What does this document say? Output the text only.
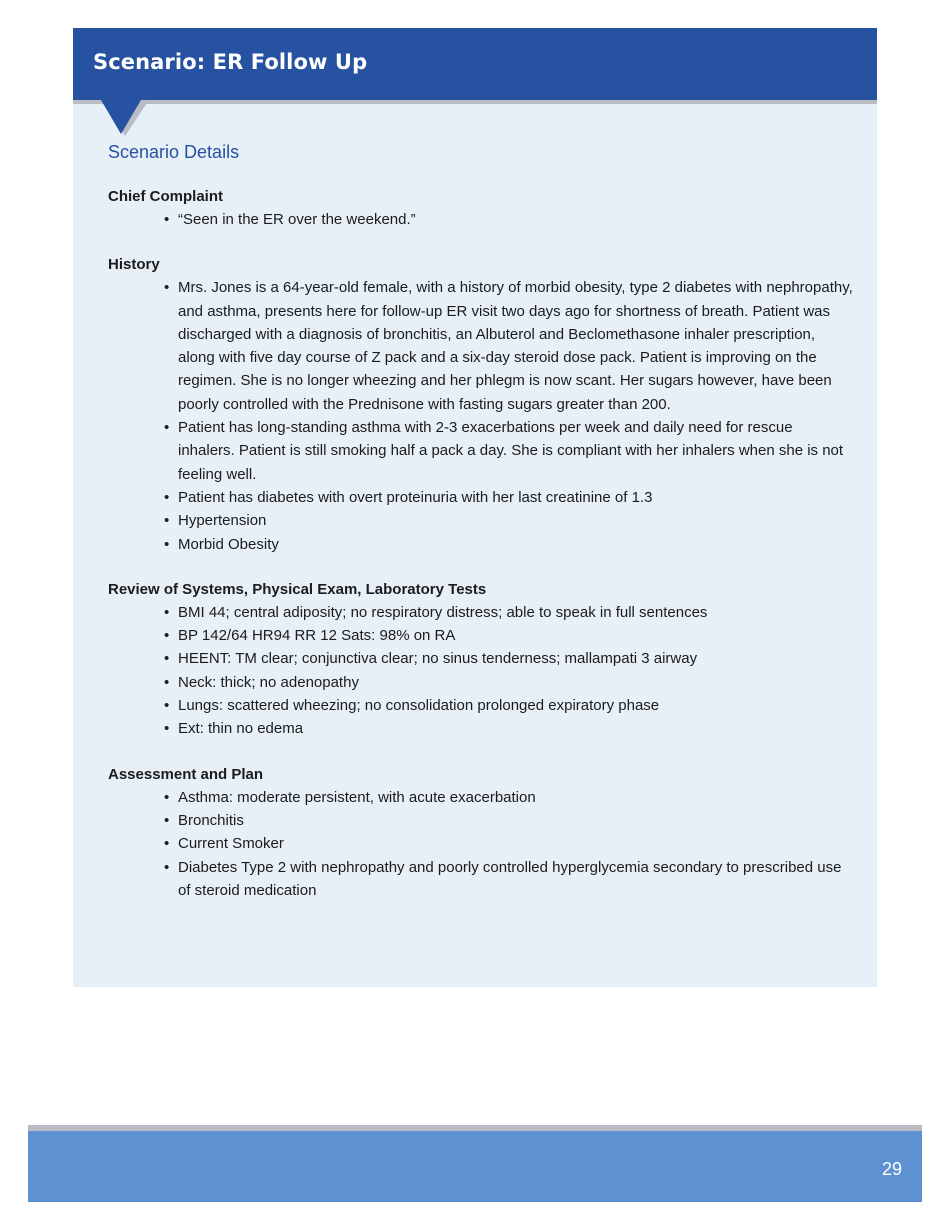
Scenario: ER Follow Up
Scenario Details
Chief Complaint
• “Seen in the ER over the weekend.”
History
• Mrs. Jones is a 64-year-old female, with a history of morbid obesity, type 2 diabetes with nephropathy, and asthma, presents here for follow-up ER visit two days ago for shortness of breath. Patient was discharged with a diagnosis of bronchitis, an Albuterol and Beclomethasone inhaler prescription, along with five day course of Z pack and a six-day steroid dose pack. Patient is improving on the regimen. She is no longer wheezing and her phlegm is now scant. Her sugars however, have been poorly controlled with the Prednisone with fasting sugars greater than 200.
• Patient has long-standing asthma with 2-3 exacerbations per week and daily need for rescue inhalers. Patient is still smoking half a pack a day. She is compliant with her inhalers when she is not feeling well.
• Patient has diabetes with overt proteinuria with her last creatinine of 1.3
• Hypertension
• Morbid Obesity
Review of Systems, Physical Exam, Laboratory Tests
• BMI 44; central adiposity; no respiratory distress; able to speak in full sentences
• BP 142/64 HR94 RR 12 Sats: 98% on RA
• HEENT: TM clear; conjunctiva clear; no sinus tenderness; mallampati 3 airway
• Neck: thick; no adenopathy
• Lungs: scattered wheezing; no consolidation prolonged expiratory phase
• Ext: thin no edema
Assessment and Plan
• Asthma: moderate persistent, with acute exacerbation
• Bronchitis
• Current Smoker
• Diabetes Type 2 with nephropathy and poorly controlled hyperglycemia secondary to prescribed use of steroid medication
29
